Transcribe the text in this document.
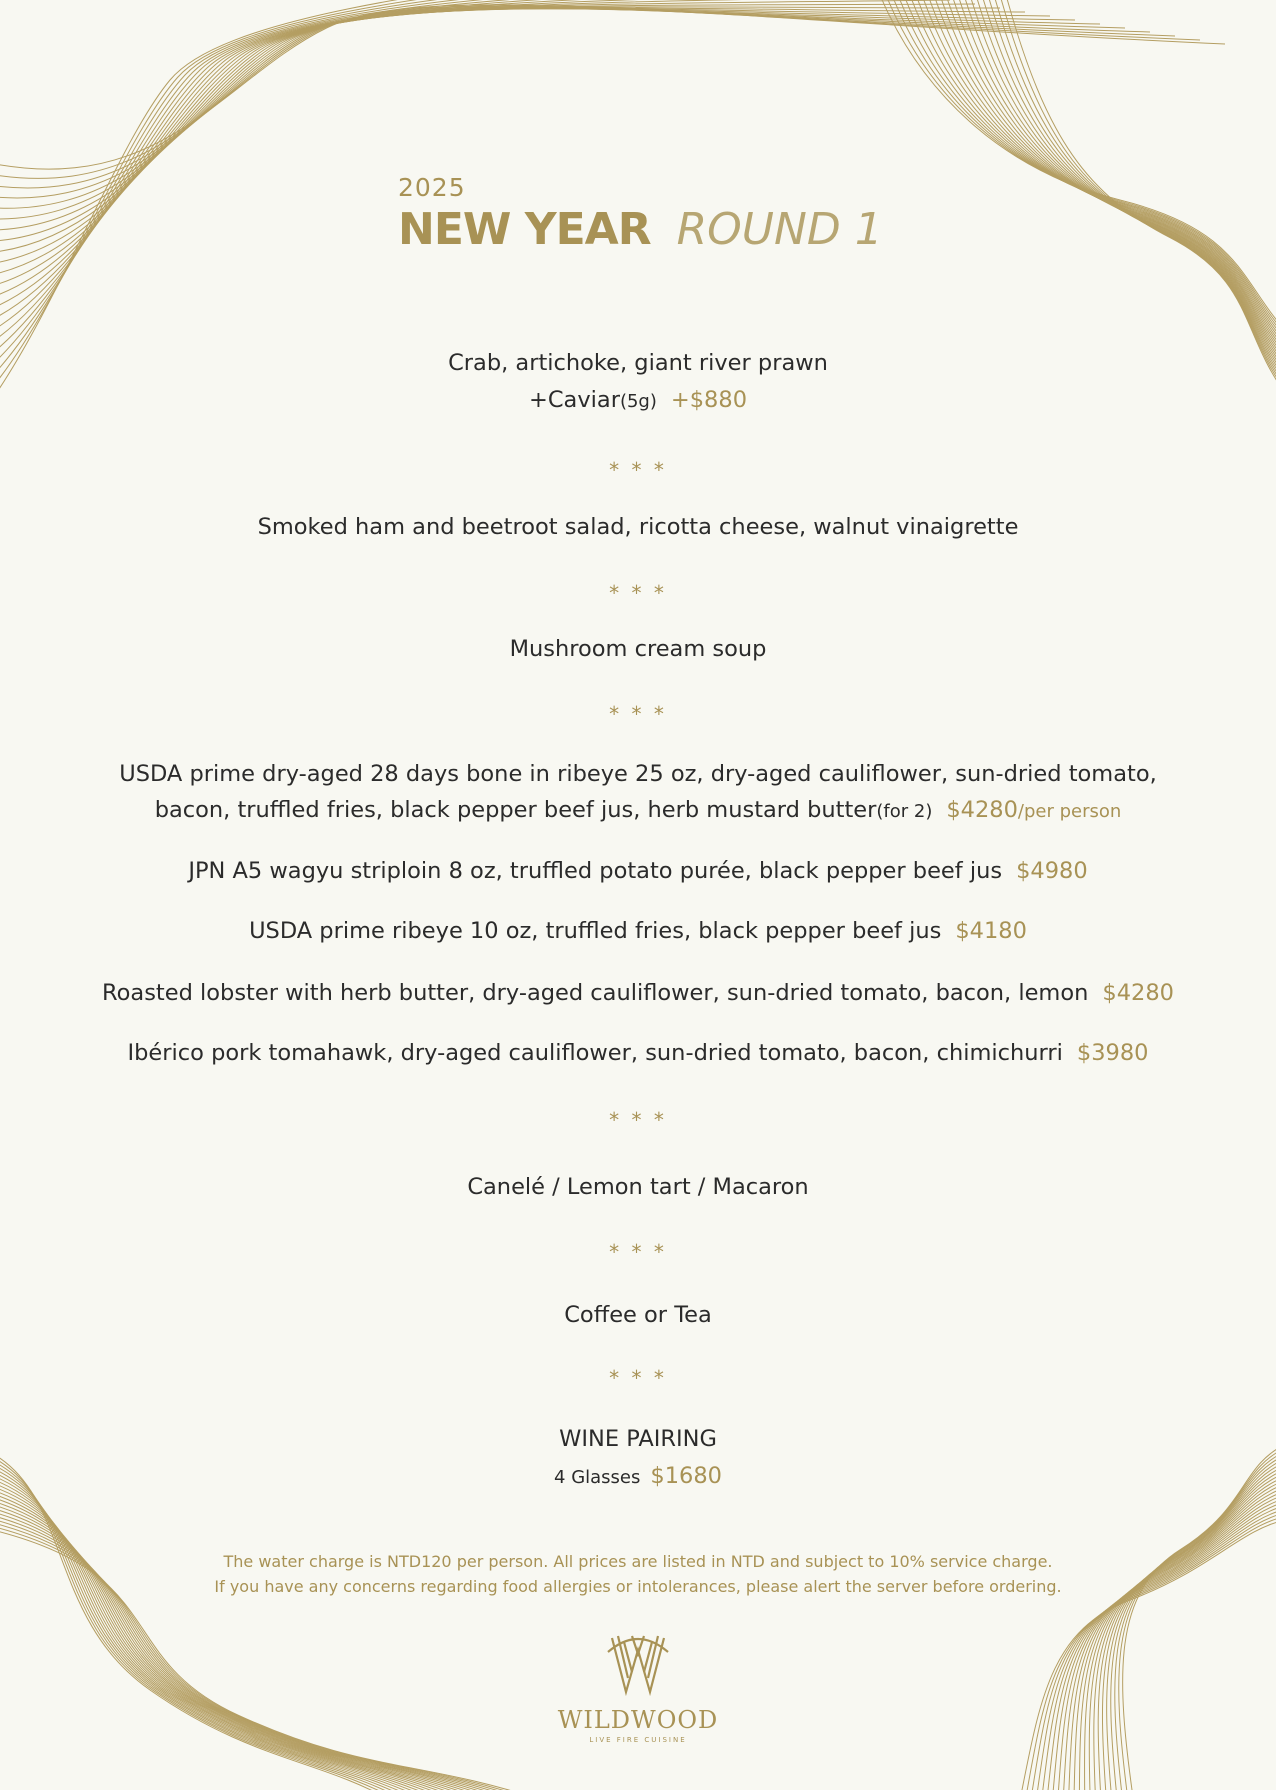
2025
NEW YEAR ROUND 1
Crab, artichoke, giant river prawn
+Caviar(5g) +$880
* * *
Smoked ham and beetroot salad, ricotta cheese, walnut vinaigrette
* * *
Mushroom cream soup
* * *
USDA prime dry-aged 28 days bone in ribeye 25 oz, dry-aged cauliflower, sun-dried tomato,
bacon, truffled fries, black pepper beef jus, herb mustard butter(for 2) $4280/per person
JPN A5 wagyu striploin 8 oz, truffled potato purée, black pepper beef jus $4980
USDA prime ribeye 10 oz, truffled fries, black pepper beef jus $4180
Roasted lobster with herb butter, dry-aged cauliflower, sun-dried tomato, bacon, lemon $4280
Ibérico pork tomahawk, dry-aged cauliflower, sun-dried tomato, bacon, chimichurri $3980
* * *
Canelé / Lemon tart / Macaron
* * *
Coffee or Tea
* * *
WINE PAIRING
4 Glasses $1680
The water charge is NTD120 per person. All prices are listed in NTD and subject to 10% service charge.
If you have any concerns regarding food allergies or intolerances, please alert the server before ordering.
WILDWOOD
LIVE FIRE CUISINE
